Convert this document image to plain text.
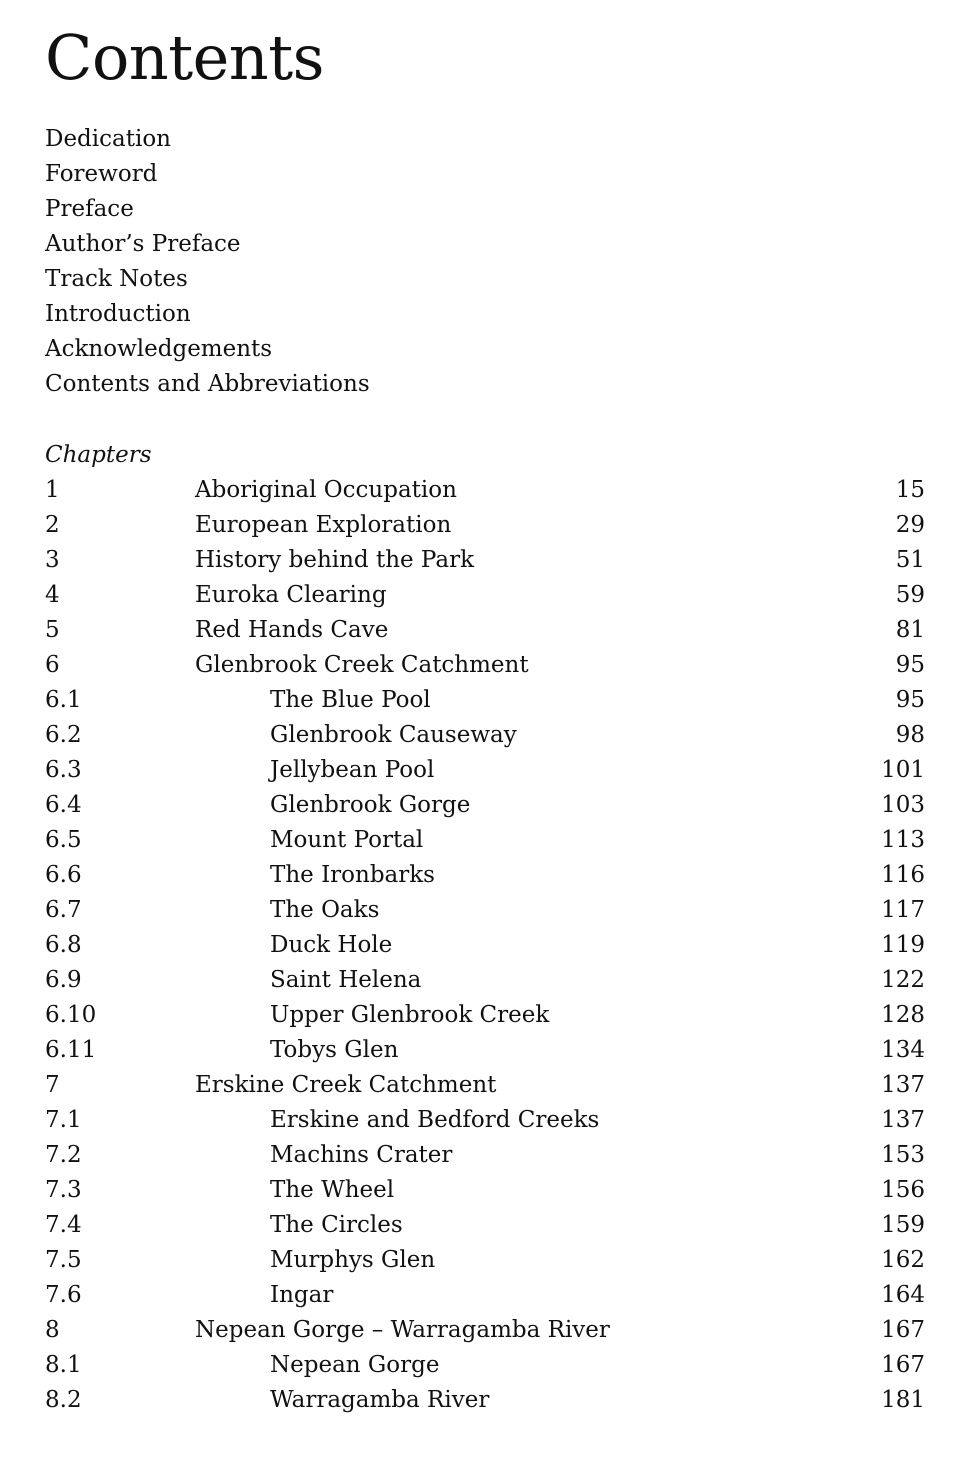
Contents
Dedication
Foreword
Preface
Author’s Preface
Track Notes
Introduction
Acknowledgements
Contents and Abbreviations
Chapters
1	Aboriginal Occupation	15
2	European Exploration	29
3	History behind the Park	51
4	Euroka Clearing	59
5	Red Hands Cave	81
6	Glenbrook Creek Catchment	95
6.1	The Blue Pool	95
6.2	Glenbrook Causeway	98
6.3	Jellybean Pool	101
6.4	Glenbrook Gorge	103
6.5	Mount Portal	113
6.6	The Ironbarks	116
6.7	The Oaks	117
6.8	Duck Hole	119
6.9	Saint Helena	122
6.10	Upper Glenbrook Creek	128
6.11	Tobys Glen	134
7	Erskine Creek Catchment	137
7.1	Erskine and Bedford Creeks	137
7.2	Machins Crater	153
7.3	The Wheel	156
7.4	The Circles	159
7.5	Murphys Glen	162
7.6	Ingar	164
8	Nepean Gorge – Warragamba River	167
8.1	Nepean Gorge	167
8.2	Warragamba River	181
